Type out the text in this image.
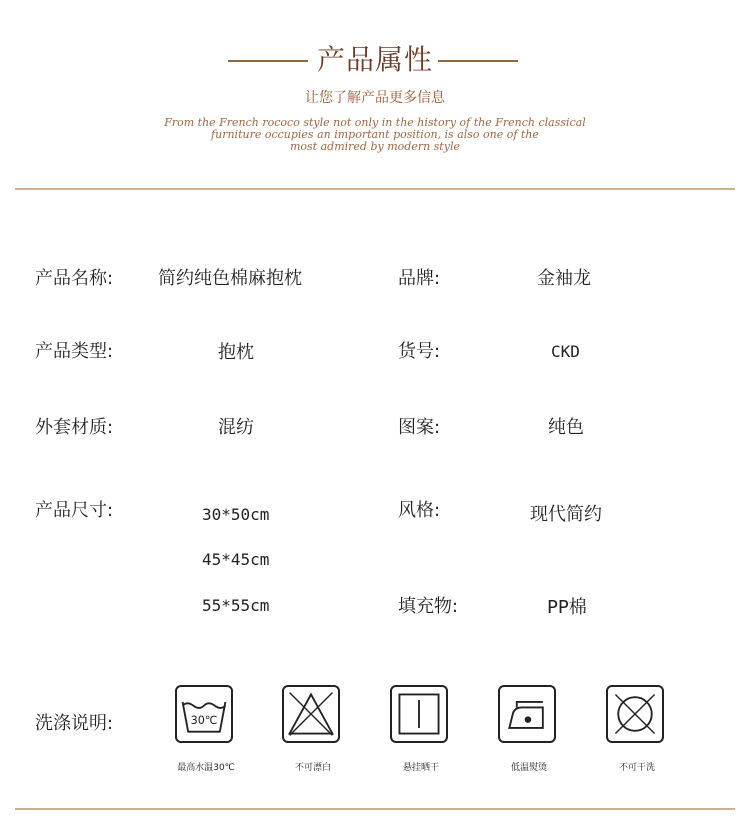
产品属性
让您了解产品更多信息
From the French rococo style not only in the history of the French classical
furniture occupies an important position, is also one of the
most admired by modern style
产品名称: 简约纯色棉麻抱枕	品牌:	金袖龙
产品类型:	抱枕	货号:	CKD
外套材质:	混纺	图案:	纯色
产品尺寸:	30*50cm
45*45cm
55*55cm
风格:	现代简约
填充物:	PP棉
洗涤说明:	30℃
最高水温30℃	不可漂白	悬挂晒干	低温熨烫	不可干洗
